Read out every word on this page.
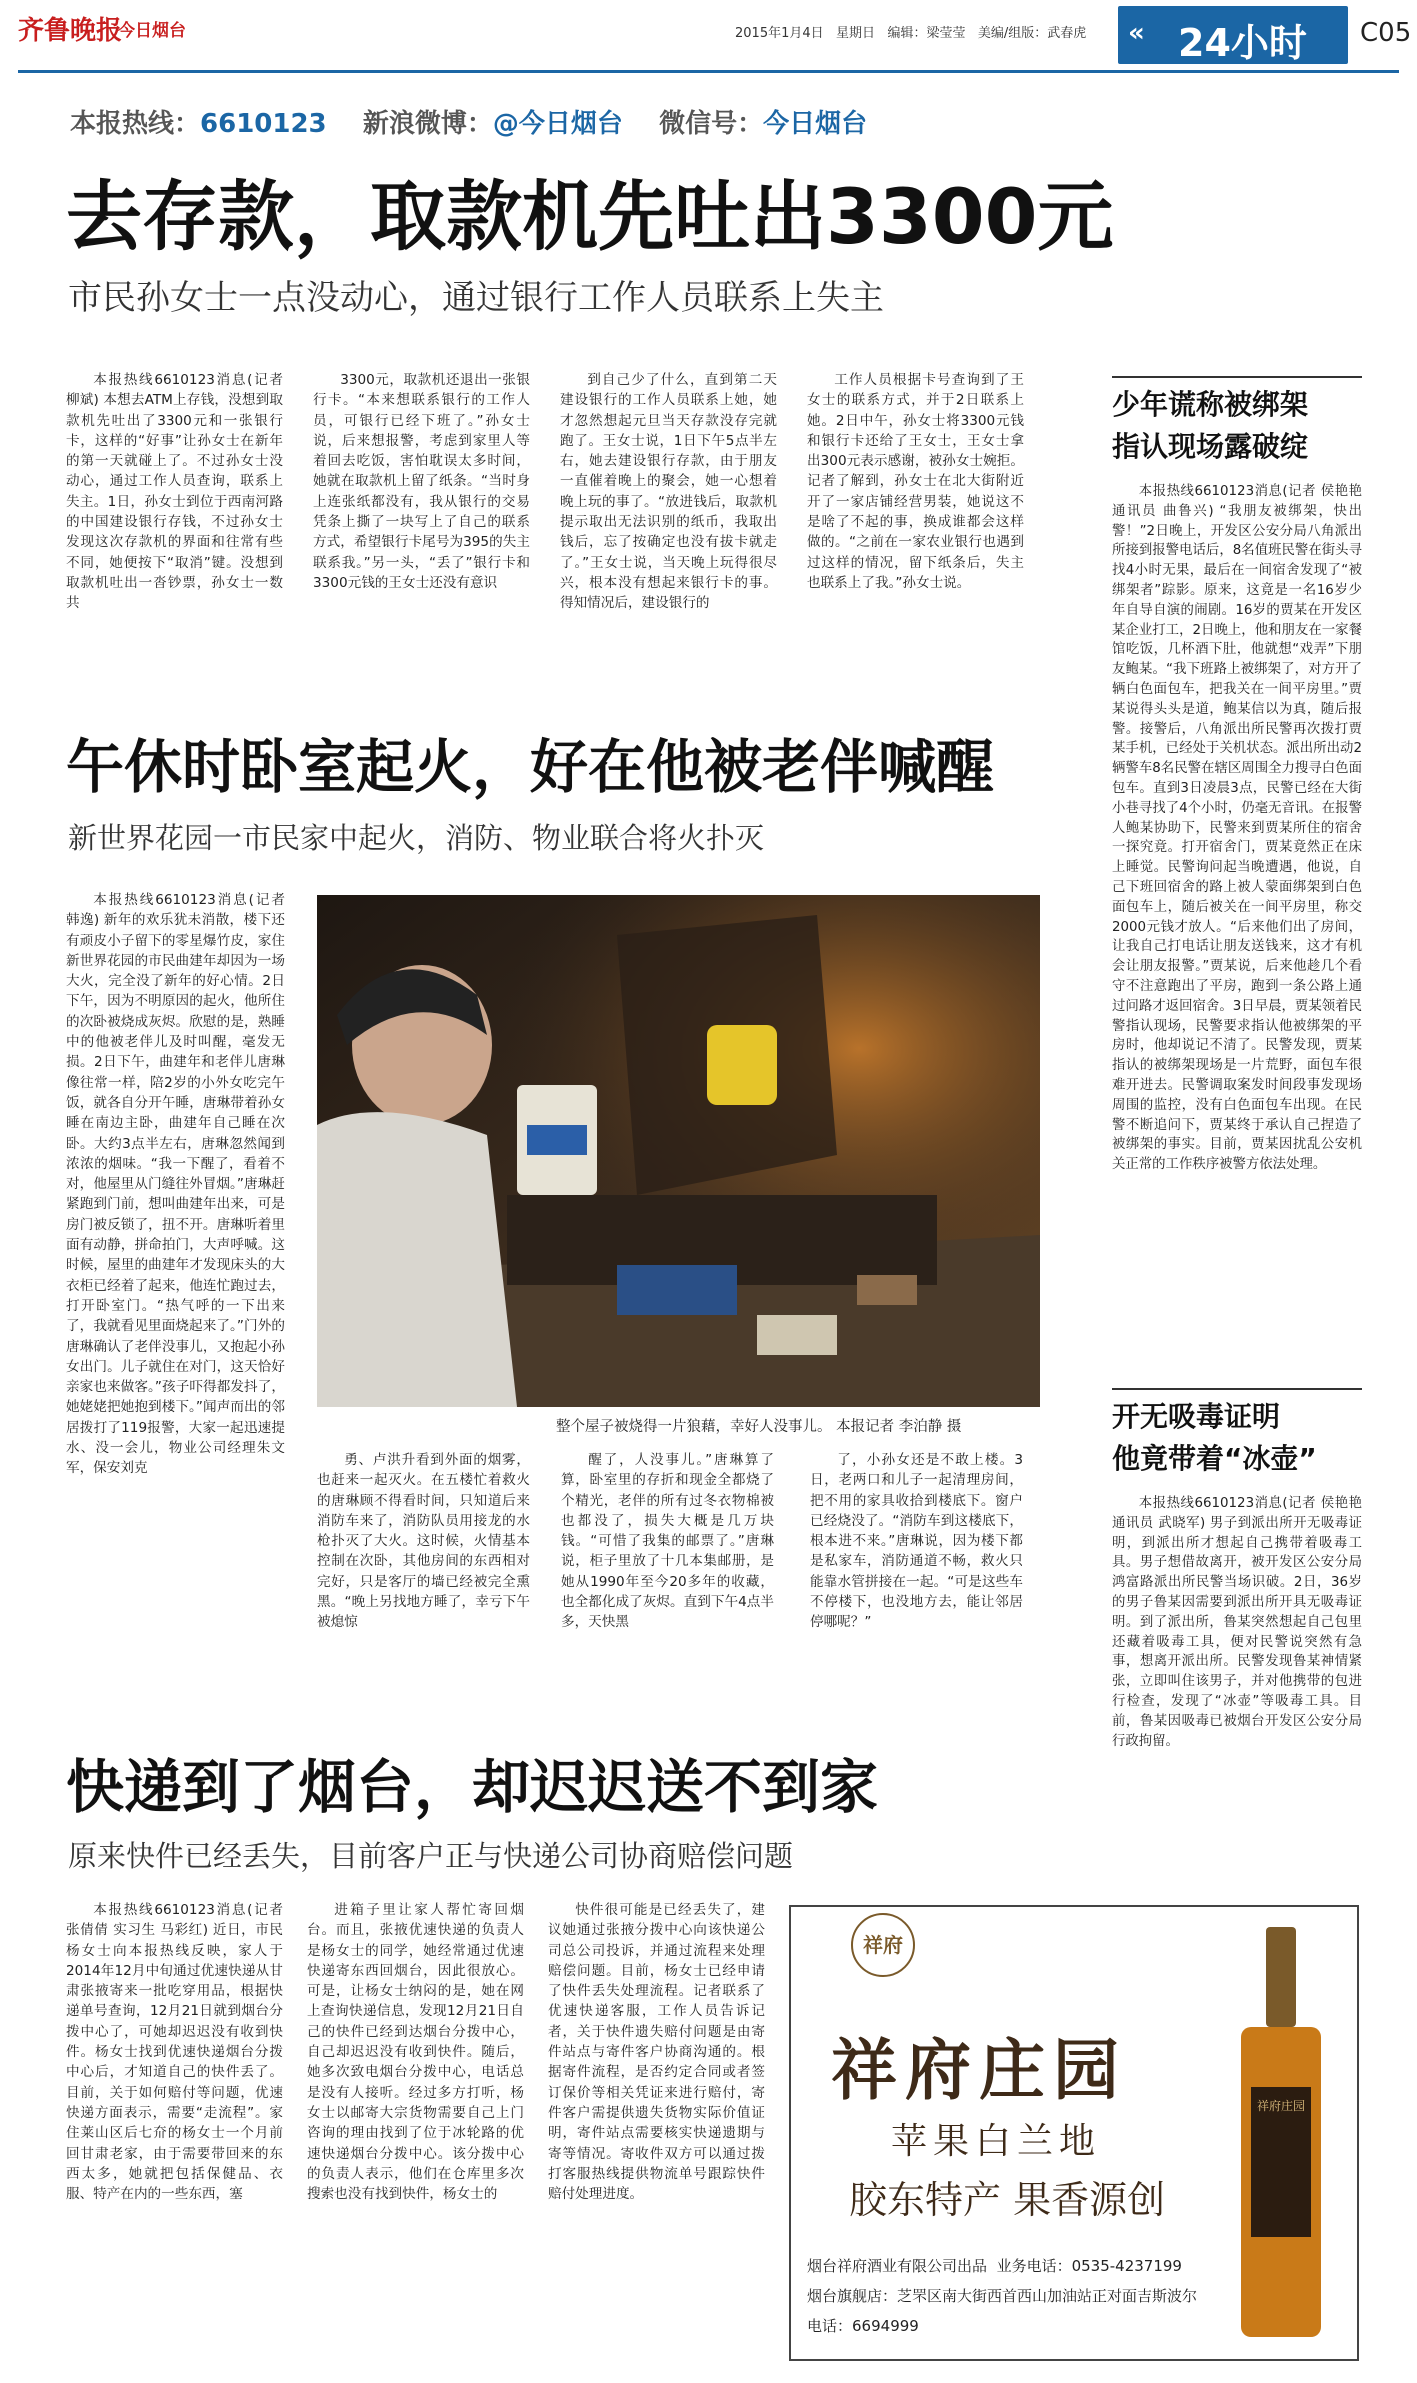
齐鲁晚报
今日烟台	2015年1月4日 星期日 编辑：梁莹莹 美编/组版：武春虎 « 24小时 C05
本报热线：6610123 新浪微博：@今日烟台 微信号：今日烟台
去存款，取款机先吐出3300元
市民孙女士一点没动心，通过银行工作人员联系上失主

本报热线6610123消息(记者 柳斌) 本想去ATM上存钱，没想到取款机先吐出了3300元和一张银行卡，这样的“好事”让孙女士在新年的第一天就碰上了。不过孙女士没动心，通过工作人员查询，联系上失主。1日，孙女士到位于西南河路的中国建设银行存钱，不过孙女士发现这次存款机的界面和往常有些不同，她便按下“取消”键。没想到取款机吐出一沓钞票，孙女士一数共

3300元，取款机还退出一张银行卡。“本来想联系银行的工作人员，可银行已经下班了。”孙女士说，后来想报警，考虑到家里人等着回去吃饭，害怕耽误太多时间，她就在取款机上留了纸条。“当时身上连张纸都没有，我从银行的交易凭条上撕了一块写上了自己的联系方式，希望银行卡尾号为395的失主联系我。”另一头，“丢了”银行卡和3300元钱的王女士还没有意识

到自己少了什么，直到第二天建设银行的工作人员联系上她，她才忽然想起元旦当天存款没存完就跑了。王女士说，1日下午5点半左右，她去建设银行存款，由于朋友一直催着晚上的聚会，她一心想着晚上玩的事了。“放进钱后，取款机提示取出无法识别的纸币，我取出钱后，忘了按确定也没有拔卡就走了。”王女士说，当天晚上玩得很尽兴，根本没有想起来银行卡的事。得知情况后，建设银行的

工作人员根据卡号查询到了王女士的联系方式，并于2日联系上她。2日中午，孙女士将3300元钱和银行卡还给了王女士，王女士拿出300元表示感谢，被孙女士婉拒。记者了解到，孙女士在北大街附近开了一家店铺经营男装，她说这不是啥了不起的事，换成谁都会这样做的。“之前在一家农业银行也遇到过这样的情况，留下纸条后，失主也联系上了我。”孙女士说。

午休时卧室起火，好在他被老伴喊醒
新世界花园一市民家中起火，消防、物业联合将火扑灭

本报热线6610123消息(记者 韩逸) 新年的欢乐犹未消散，楼下还有顽皮小子留下的零星爆竹皮，家住新世界花园的市民曲建年却因为一场大火，完全没了新年的好心情。2日下午，因为不明原因的起火，他所住的次卧被烧成灰烬。欣慰的是，熟睡中的他被老伴儿及时叫醒，毫发无损。2日下午，曲建年和老伴儿唐琳像往常一样，陪2岁的小外女吃完午饭，就各自分开午睡，唐琳带着孙女睡在南边主卧，曲建年自己睡在次卧。大约3点半左右，唐琳忽然闻到浓浓的烟味。“我一下醒了，看着不对，他屋里从门缝往外冒烟。”唐琳赶紧跑到门前，想叫曲建年出来，可是房门被反锁了，扭不开。唐琳听着里面有动静，拼命拍门，大声呼喊。这时候，屋里的曲建年才发现床头的大衣柜已经着了起来，他连忙跑过去，打开卧室门。“热气呼的一下出来了，我就看见里面烧起来了。”门外的唐琳确认了老伴没事儿，又抱起小孙女出门。儿子就住在对门，这天恰好亲家也来做客。”孩子吓得都发抖了，她姥姥把她抱到楼下。”闻声而出的邻居拨打了119报警，大家一起迅速提水、没一会儿，物业公司经理朱文军，保安刘克

整个屋子被烧得一片狼藉，幸好人没事儿。 本报记者 李泊静 摄

勇、卢洪升看到外面的烟雾，也赶来一起灭火。在五楼忙着救火的唐琳顾不得看时间，只知道后来消防车来了，消防队员用接龙的水枪扑灭了大火。这时候，火情基本控制在次卧，其他房间的东西相对完好，只是客厅的墙已经被完全熏黑。“晚上另找地方睡了，幸亏下午被熄惊

醒了，人没事儿。”唐琳算了算，卧室里的存折和现金全都烧了个精光，老伴的所有过冬衣物棉被也都没了，损失大概是几万块钱。“可惜了我集的邮票了。”唐琳说，柜子里放了十几本集邮册，是她从1990年至今20多年的收藏，也全都化成了灰烬。直到下午4点半多，天快黑

了，小孙女还是不敢上楼。3日，老两口和儿子一起清理房间，把不用的家具收拾到楼底下。窗户已经烧没了。“消防车到这楼底下，根本进不来。”唐琳说，因为楼下都是私家车，消防通道不畅，救火只能靠水管拼接在一起。“可是这些车不停楼下，也没地方去，能让邻居停哪呢？”

快递到了烟台，却迟迟送不到家
原来快件已经丢失，目前客户正与快递公司协商赔偿问题

本报热线6610123消息(记者 张倩倩 实习生 马彩红) 近日，市民杨女士向本报热线反映，家人于2014年12月中旬通过优速快递从甘肃张掖寄来一批吃穿用品，根据快递单号查询，12月21日就到烟台分拨中心了，可她却迟迟没有收到快件。杨女士找到优速快递烟台分拨中心后，才知道自己的快件丢了。目前，关于如何赔付等问题，优速快递方面表示，需要“走流程”。家住莱山区后七夼的杨女士一个月前回甘肃老家，由于需要带回来的东西太多，她就把包括保健品、衣服、特产在内的一些东西，塞

进箱子里让家人帮忙寄回烟台。而且，张掖优速快递的负责人是杨女士的同学，她经常通过优速快递寄东西回烟台，因此很放心。可是，让杨女士纳闷的是，她在网上查询快递信息，发现12月21日自己的快件已经到达烟台分拨中心，自己却迟迟没有收到快件。随后，她多次致电烟台分拨中心，电话总是没有人接听。经过多方打听，杨女士以邮寄大宗货物需要自己上门咨询的理由找到了位于冰轮路的优速快递烟台分拨中心。该分拨中心的负责人表示，他们在仓库里多次搜索也没有找到快件，杨女士的

快件很可能是已经丢失了，建议她通过张掖分拨中心向该快递公司总公司投诉，并通过流程来处理赔偿问题。目前，杨女士已经申请了快件丢失处理流程。记者联系了优速快递客服，工作人员告诉记者，关于快件遗失赔付问题是由寄件站点与寄件客户协商沟通的。根据寄件流程，是否约定合同或者签订保价等相关凭证来进行赔付，寄件客户需提供遗失货物实际价值证明，寄件站点需要核实快递遗期与寄等情况。寄收件双方可以通过拨打客服热线提供物流单号跟踪快件赔付处理进度。

少年谎称被绑架
指认现场露破绽

本报热线6610123消息(记者 侯艳艳 通讯员 曲鲁兴) “我朋友被绑架，快出警！”2日晚上，开发区公安分局八角派出所接到报警电话后，8名值班民警在街头寻找4小时无果，最后在一间宿舍发现了“被绑架者”踪影。原来，这竟是一名16岁少年自导自演的闹剧。16岁的贾某在开发区某企业打工，2日晚上，他和朋友在一家餐馆吃饭，几杯酒下肚，他就想“戏弄”下朋友鲍某。“我下班路上被绑架了，对方开了辆白色面包车，把我关在一间平房里。”贾某说得头头是道，鲍某信以为真，随后报警。接警后，八角派出所民警再次拨打贾某手机，已经处于关机状态。派出所出动2辆警车8名民警在辖区周围全力搜寻白色面包车。直到3日凌晨3点，民警已经在大街小巷寻找了4个小时，仍毫无音讯。在报警人鲍某协助下，民警来到贾某所住的宿舍一探究竟。打开宿舍门，贾某竟然正在床上睡觉。民警询问起当晚遭遇，他说，自己下班回宿舍的路上被人蒙面绑架到白色面包车上，随后被关在一间平房里，称交2000元钱才放人。“后来他们出了房间，让我自己打电话让朋友送钱来，这才有机会让朋友报警。”贾某说，后来他趁几个看守不注意跑出了平房，跑到一条公路上通过问路才返回宿舍。3日早晨，贾某领着民警指认现场，民警要求指认他被绑架的平房时，他却说记不清了。民警发现，贾某指认的被绑架现场是一片荒野，面包车很难开进去。民警调取案发时间段事发现场周围的监控，没有白色面包车出现。在民警不断追问下，贾某终于承认自己捏造了被绑架的事实。目前，贾某因扰乱公安机关正常的工作秩序被警方依法处理。

开无吸毒证明
他竟带着“冰壶”

本报热线6610123消息(记者 侯艳艳 通讯员 武晓军) 男子到派出所开无吸毒证明，到派出所才想起自己携带着吸毒工具。男子想借故离开，被开发区公安分局鸿富路派出所民警当场识破。2日，36岁的男子鲁某因需要到派出所开具无吸毒证明。到了派出所，鲁某突然想起自己包里还藏着吸毒工具，便对民警说突然有急事，想离开派出所。民警发现鲁某神情紧张，立即叫住该男子，并对他携带的包进行检查，发现了“冰壶”等吸毒工具。目前，鲁某因吸毒已被烟台开发区公安分局行政拘留。

祥府
祥府庄园
苹果白兰地
胶东特产 果香源创
烟台祥府酒业有限公司出品 业务电话：0535-4237199
烟台旗舰店：芝罘区南大街西首西山加油站正对面吉斯波尔
电话：6694999
祥府庄园
